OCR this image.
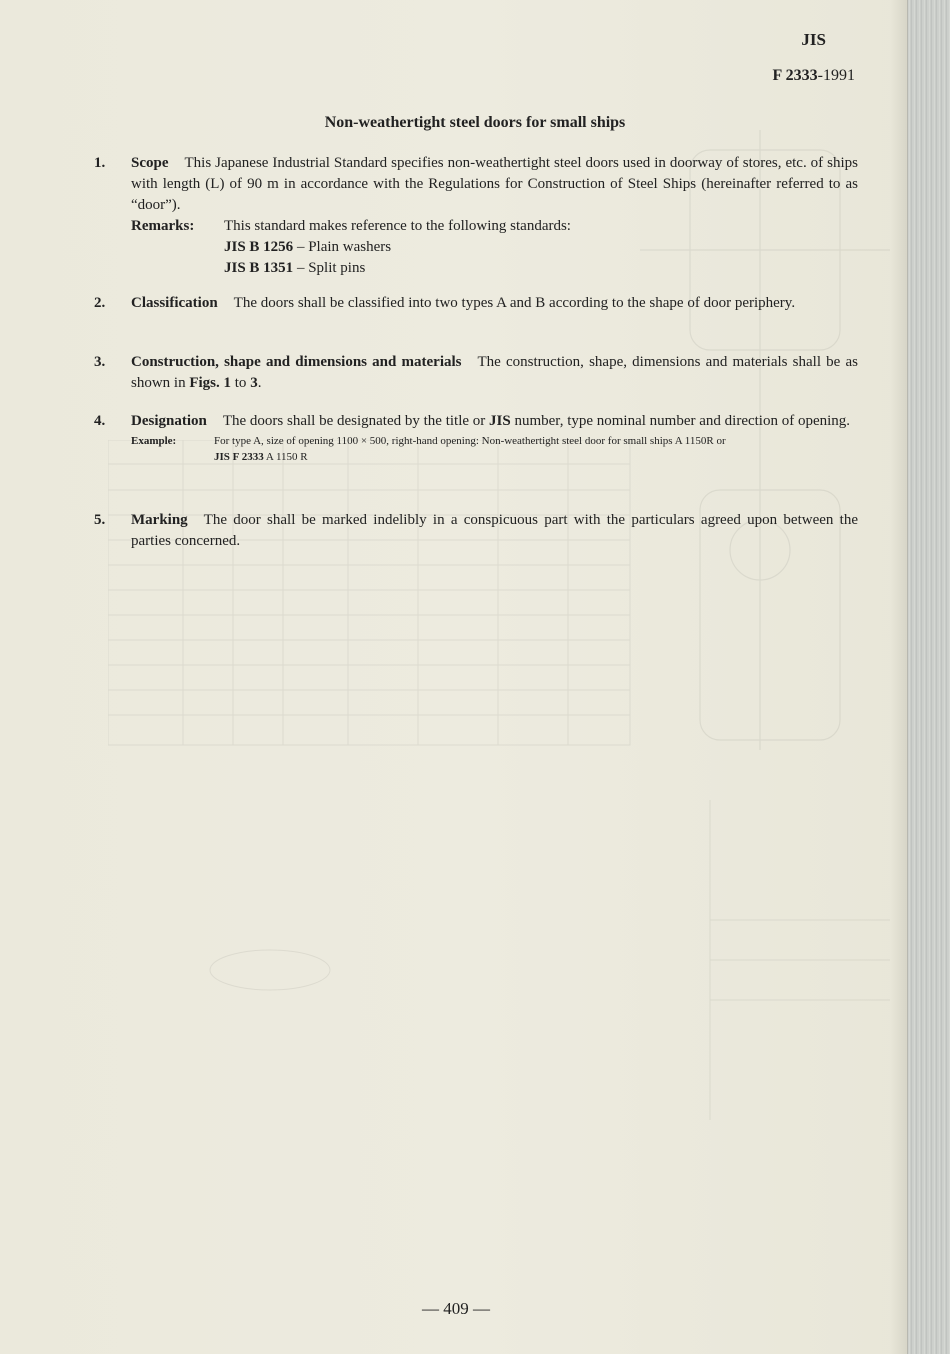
JIS
F 2333-1991
Non-weathertight steel doors for small ships
1. Scope This Japanese Industrial Standard specifies non-weathertight steel doors used in doorway of stores, etc. of ships with length (L) of 90 m in accordance with the Regulations for Construction of Steel Ships (hereinafter referred to as “door”).
Remarks: This standard makes reference to the following standards:
JIS B 1256 – Plain washers
JIS B 1351 – Split pins
2. Classification The doors shall be classified into two types A and B according to the shape of door periphery.
3. Construction, shape and dimensions and materials The construction, shape, dimensions and materials shall be as shown in Figs. 1 to 3.
4. Designation The doors shall be designated by the title or JIS number, type nominal number and direction of opening.
Example:	For type A, size of opening 1100 × 500, right-hand opening: Non-weathertight steel door for small ships A 1150R or
JIS F 2333 A 1150 R
5. Marking The door shall be marked indelibly in a conspicuous part with the particulars agreed upon between the parties concerned.
— 409 —
